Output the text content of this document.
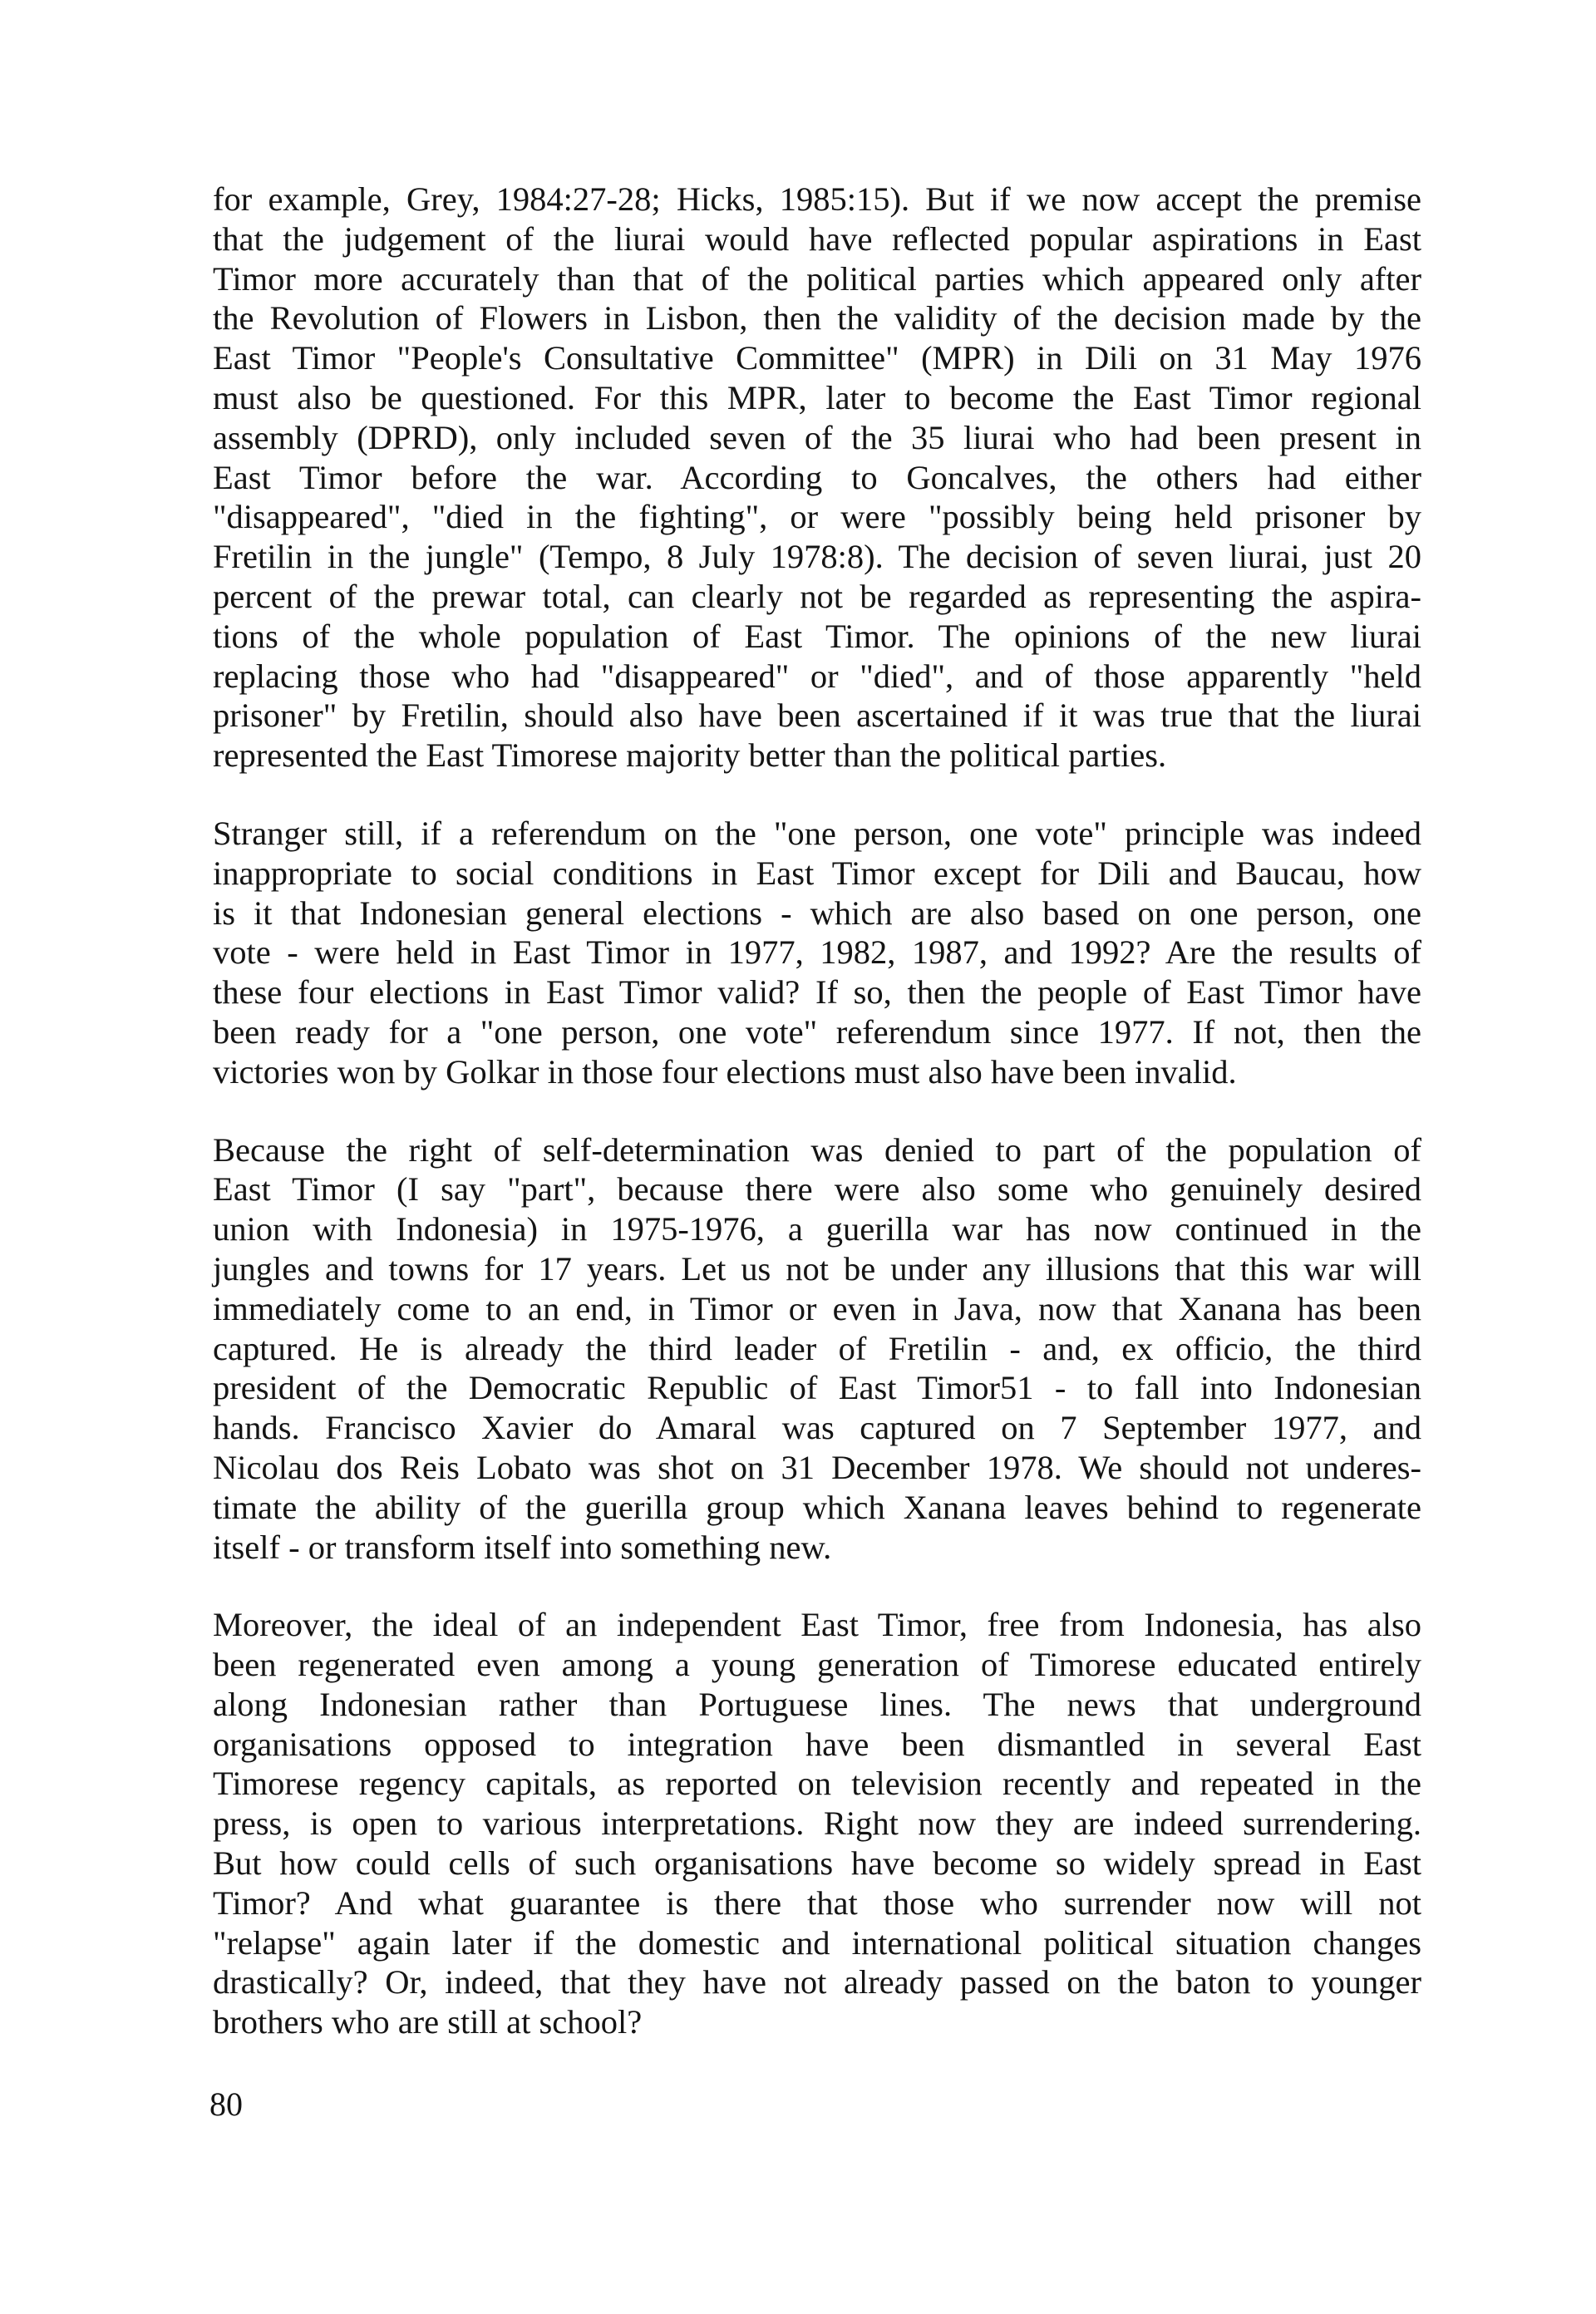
for example, Grey, 1984:27-28; Hicks, 1985:15). But if we now accept the premise
that the judgement of the liurai would have reflected popular aspirations in East
Timor more accurately than that of the political parties which appeared only after
the Revolution of Flowers in Lisbon, then the validity of the decision made by the
East Timor "People's Consultative Committee" (MPR) in Dili on 31 May 1976
must also be questioned. For this MPR, later to become the East Timor regional
assembly (DPRD), only included seven of the 35 liurai who had been present in
East Timor before the war. According to Goncalves, the others had either
"disappeared", "died in the fighting", or were "possibly being held prisoner by
Fretilin in the jungle" (Tempo, 8 July 1978:8). The decision of seven liurai, just 20
percent of the prewar total, can clearly not be regarded as representing the aspira-
tions of the whole population of East Timor. The opinions of the new liurai
replacing those who had "disappeared" or "died", and of those apparently "held
prisoner" by Fretilin, should also have been ascertained if it was true that the liurai
represented the East Timorese majority better than the political parties.

Stranger still, if a referendum on the "one person, one vote" principle was indeed
inappropriate to social conditions in East Timor except for Dili and Baucau, how
is it that Indonesian general elections - which are also based on one person, one
vote - were held in East Timor in 1977, 1982, 1987, and 1992? Are the results of
these four elections in East Timor valid? If so, then the people of East Timor have
been ready for a "one person, one vote" referendum since 1977. If not, then the
victories won by Golkar in those four elections must also have been invalid.

Because the right of self-determination was denied to part of the population of
East Timor (I say "part", because there were also some who genuinely desired
union with Indonesia) in 1975-1976, a guerilla war has now continued in the
jungles and towns for 17 years. Let us not be under any illusions that this war will
immediately come to an end, in Timor or even in Java, now that Xanana has been
captured. He is already the third leader of Fretilin - and, ex officio, the third
president of the Democratic Republic of East Timor51 - to fall into Indonesian
hands. Francisco Xavier do Amaral was captured on 7 September 1977, and
Nicolau dos Reis Lobato was shot on 31 December 1978. We should not underes-
timate the ability of the guerilla group which Xanana leaves behind to regenerate
itself - or transform itself into something new.

Moreover, the ideal of an independent East Timor, free from Indonesia, has also
been regenerated even among a young generation of Timorese educated entirely
along Indonesian rather than Portuguese lines. The news that underground
organisations opposed to integration have been dismantled in several East
Timorese regency capitals, as reported on television recently and repeated in the
press, is open to various interpretations. Right now they are indeed surrendering.
But how could cells of such organisations have become so widely spread in East
Timor? And what guarantee is there that those who surrender now will not
"relapse" again later if the domestic and international political situation changes
drastically? Or, indeed, that they have not already passed on the baton to younger
brothers who are still at school?

80
